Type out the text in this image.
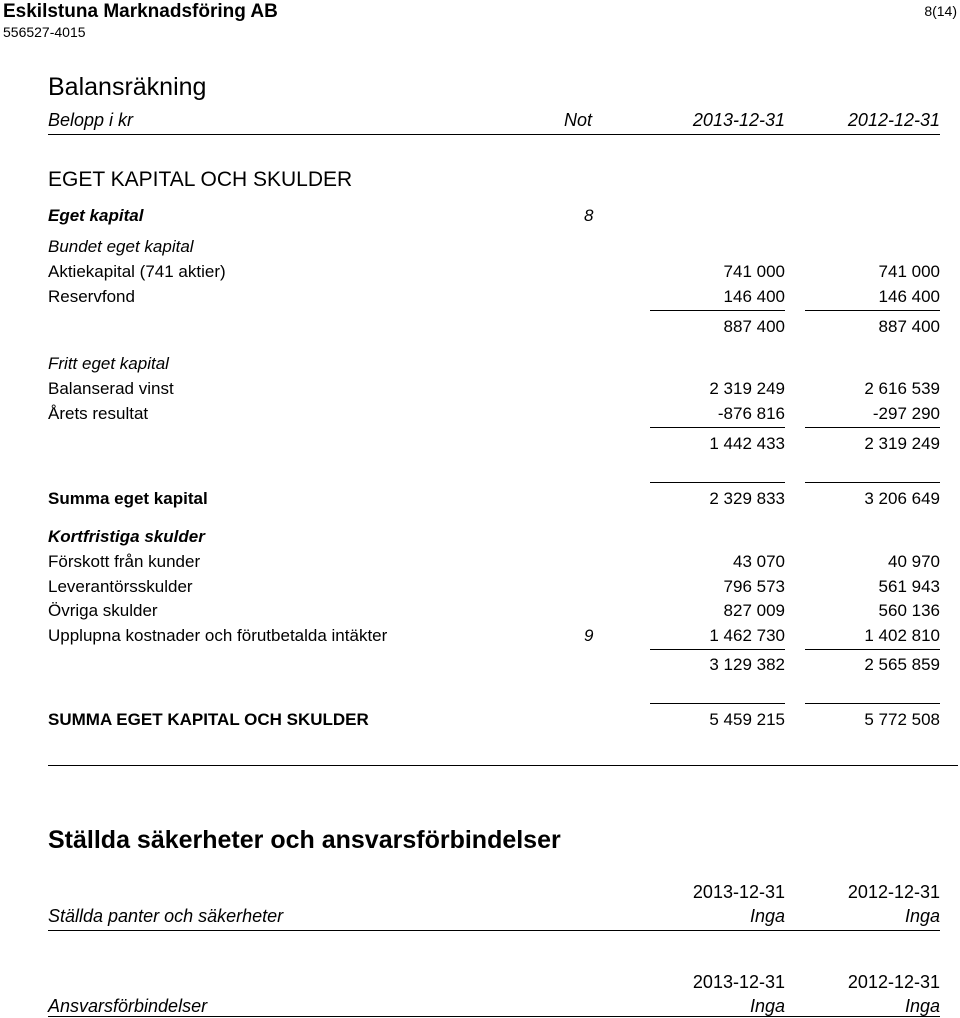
Eskilstuna Marknadsföring AB
556527-4015
8(14)
Balansräkning
Belopp i kr	Not	2013-12-31	2012-12-31
EGET KAPITAL OCH SKULDER
Eget kapital	8
Bundet eget kapital
Aktiekapital (741 aktier)	741 000	741 000
Reservfond	146 400	146 400
887 400	887 400
Fritt eget kapital
Balanserad vinst	2 319 249	2 616 539
Årets resultat	-876 816	-297 290
1 442 433	2 319 249
Summa eget kapital	2 329 833	3 206 649
Kortfristiga skulder
Förskott från kunder	43 070	40 970
Leverantörsskulder	796 573	561 943
Övriga skulder	827 009	560 136
Upplupna kostnader och förutbetalda intäkter	9	1 462 730	1 402 810
3 129 382	2 565 859
SUMMA EGET KAPITAL OCH SKULDER	5 459 215	5 772 508
Ställda säkerheter och ansvarsförbindelser
2013-12-31	2012-12-31
Ställda panter och säkerheter	Inga	Inga
2013-12-31	2012-12-31
Ansvarsförbindelser	Inga	Inga
